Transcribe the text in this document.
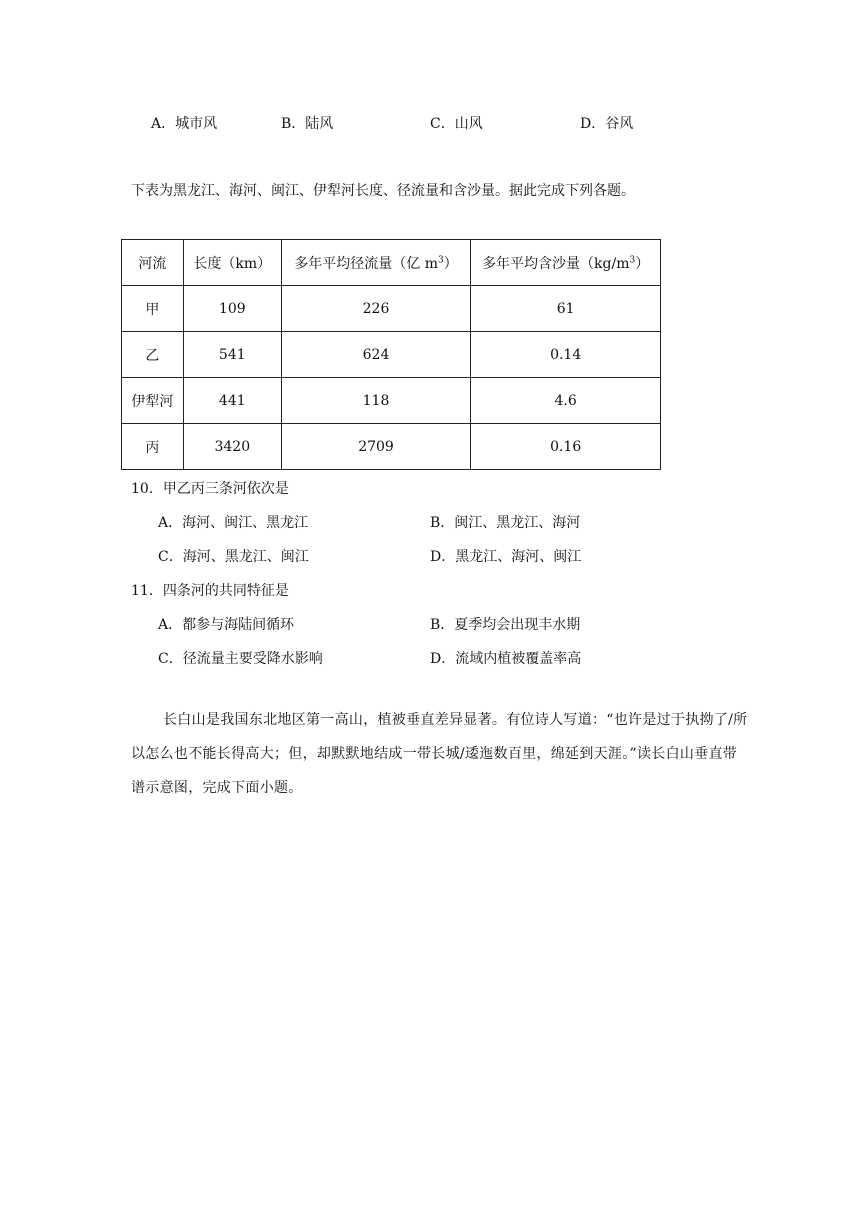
A．城市风	B．陆风	C．山风	D．谷风
下表为黑龙江、海河、闽江、伊犁河长度、径流量和含沙量。据此完成下列各题。
河流	长度（km）	多年平均径流量（亿 $m^3$）	多年平均含沙量$(kg/m^3)$
甲	109	226	61
乙	541	624	0.14
伊犁河	441	118	4.6
丙	3420	2709	0.16
10．甲乙丙三条河依次是
A．海河、闽江、黑龙江	B．闽江、黑龙江、海河
C．海河、黑龙江、闽江	D．黑龙江、海河、闽江
11．四条河的共同特征是
A．都参与海陆间循环	B．夏季均会出现丰水期
C．径流量主要受降水影响	D．流域内植被覆盖率高
长白山是我国东北地区第一高山，植被垂直差异显著。有位诗人写道：“也许是过于执拗了/所以怎么也不能长得高大；但，却默默地结成一带长城/逶迤数百里，绵延到天涯。”读长白山垂直带谱示意图，完成下面小题。
